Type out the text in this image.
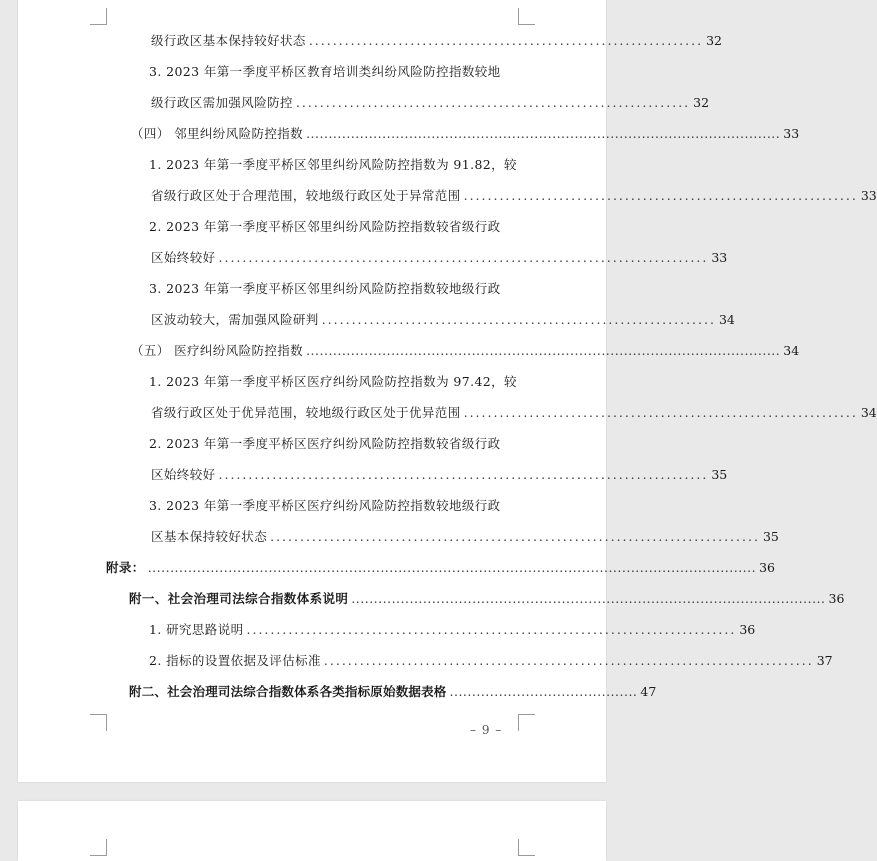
级行政区基本保持较好状态 .................................................................. 32
3. 2023 年第一季度平桥区教育培训类纠纷风险防控指数较地
级行政区需加强风险防控 .................................................................. 32
（四） 邻里纠纷风险防控指数 .......................................................................................................... 33
1. 2023 年第一季度平桥区邻里纠纷风险防控指数为 91.82，较
省级行政区处于合理范围，较地级行政区处于异常范围 .................................................................. 33
2. 2023 年第一季度平桥区邻里纠纷风险防控指数较省级行政
区始终较好 .................................................................................. 33
3. 2023 年第一季度平桥区邻里纠纷风险防控指数较地级行政
区波动较大，需加强风险研判 .................................................................. 34
（五） 医疗纠纷风险防控指数 .......................................................................................................... 34
1. 2023 年第一季度平桥区医疗纠纷风险防控指数为 97.42，较
省级行政区处于优异范围，较地级行政区处于优异范围 .................................................................. 34
2. 2023 年第一季度平桥区医疗纠纷风险防控指数较省级行政
区始终较好 .................................................................................. 35
3. 2023 年第一季度平桥区医疗纠纷风险防控指数较地级行政
区基本保持较好状态 .................................................................................. 35
附录： ........................................................................................................................................ 36
附一、社会治理司法综合指数体系说明 .......................................................................................................... 36
1. 研究思路说明 .................................................................................. 36
2. 指标的设置依据及评估标准 .................................................................................. 37
附二、社会治理司法综合指数体系各类指标原始数据表格 .......................................... 47
– 9 –
